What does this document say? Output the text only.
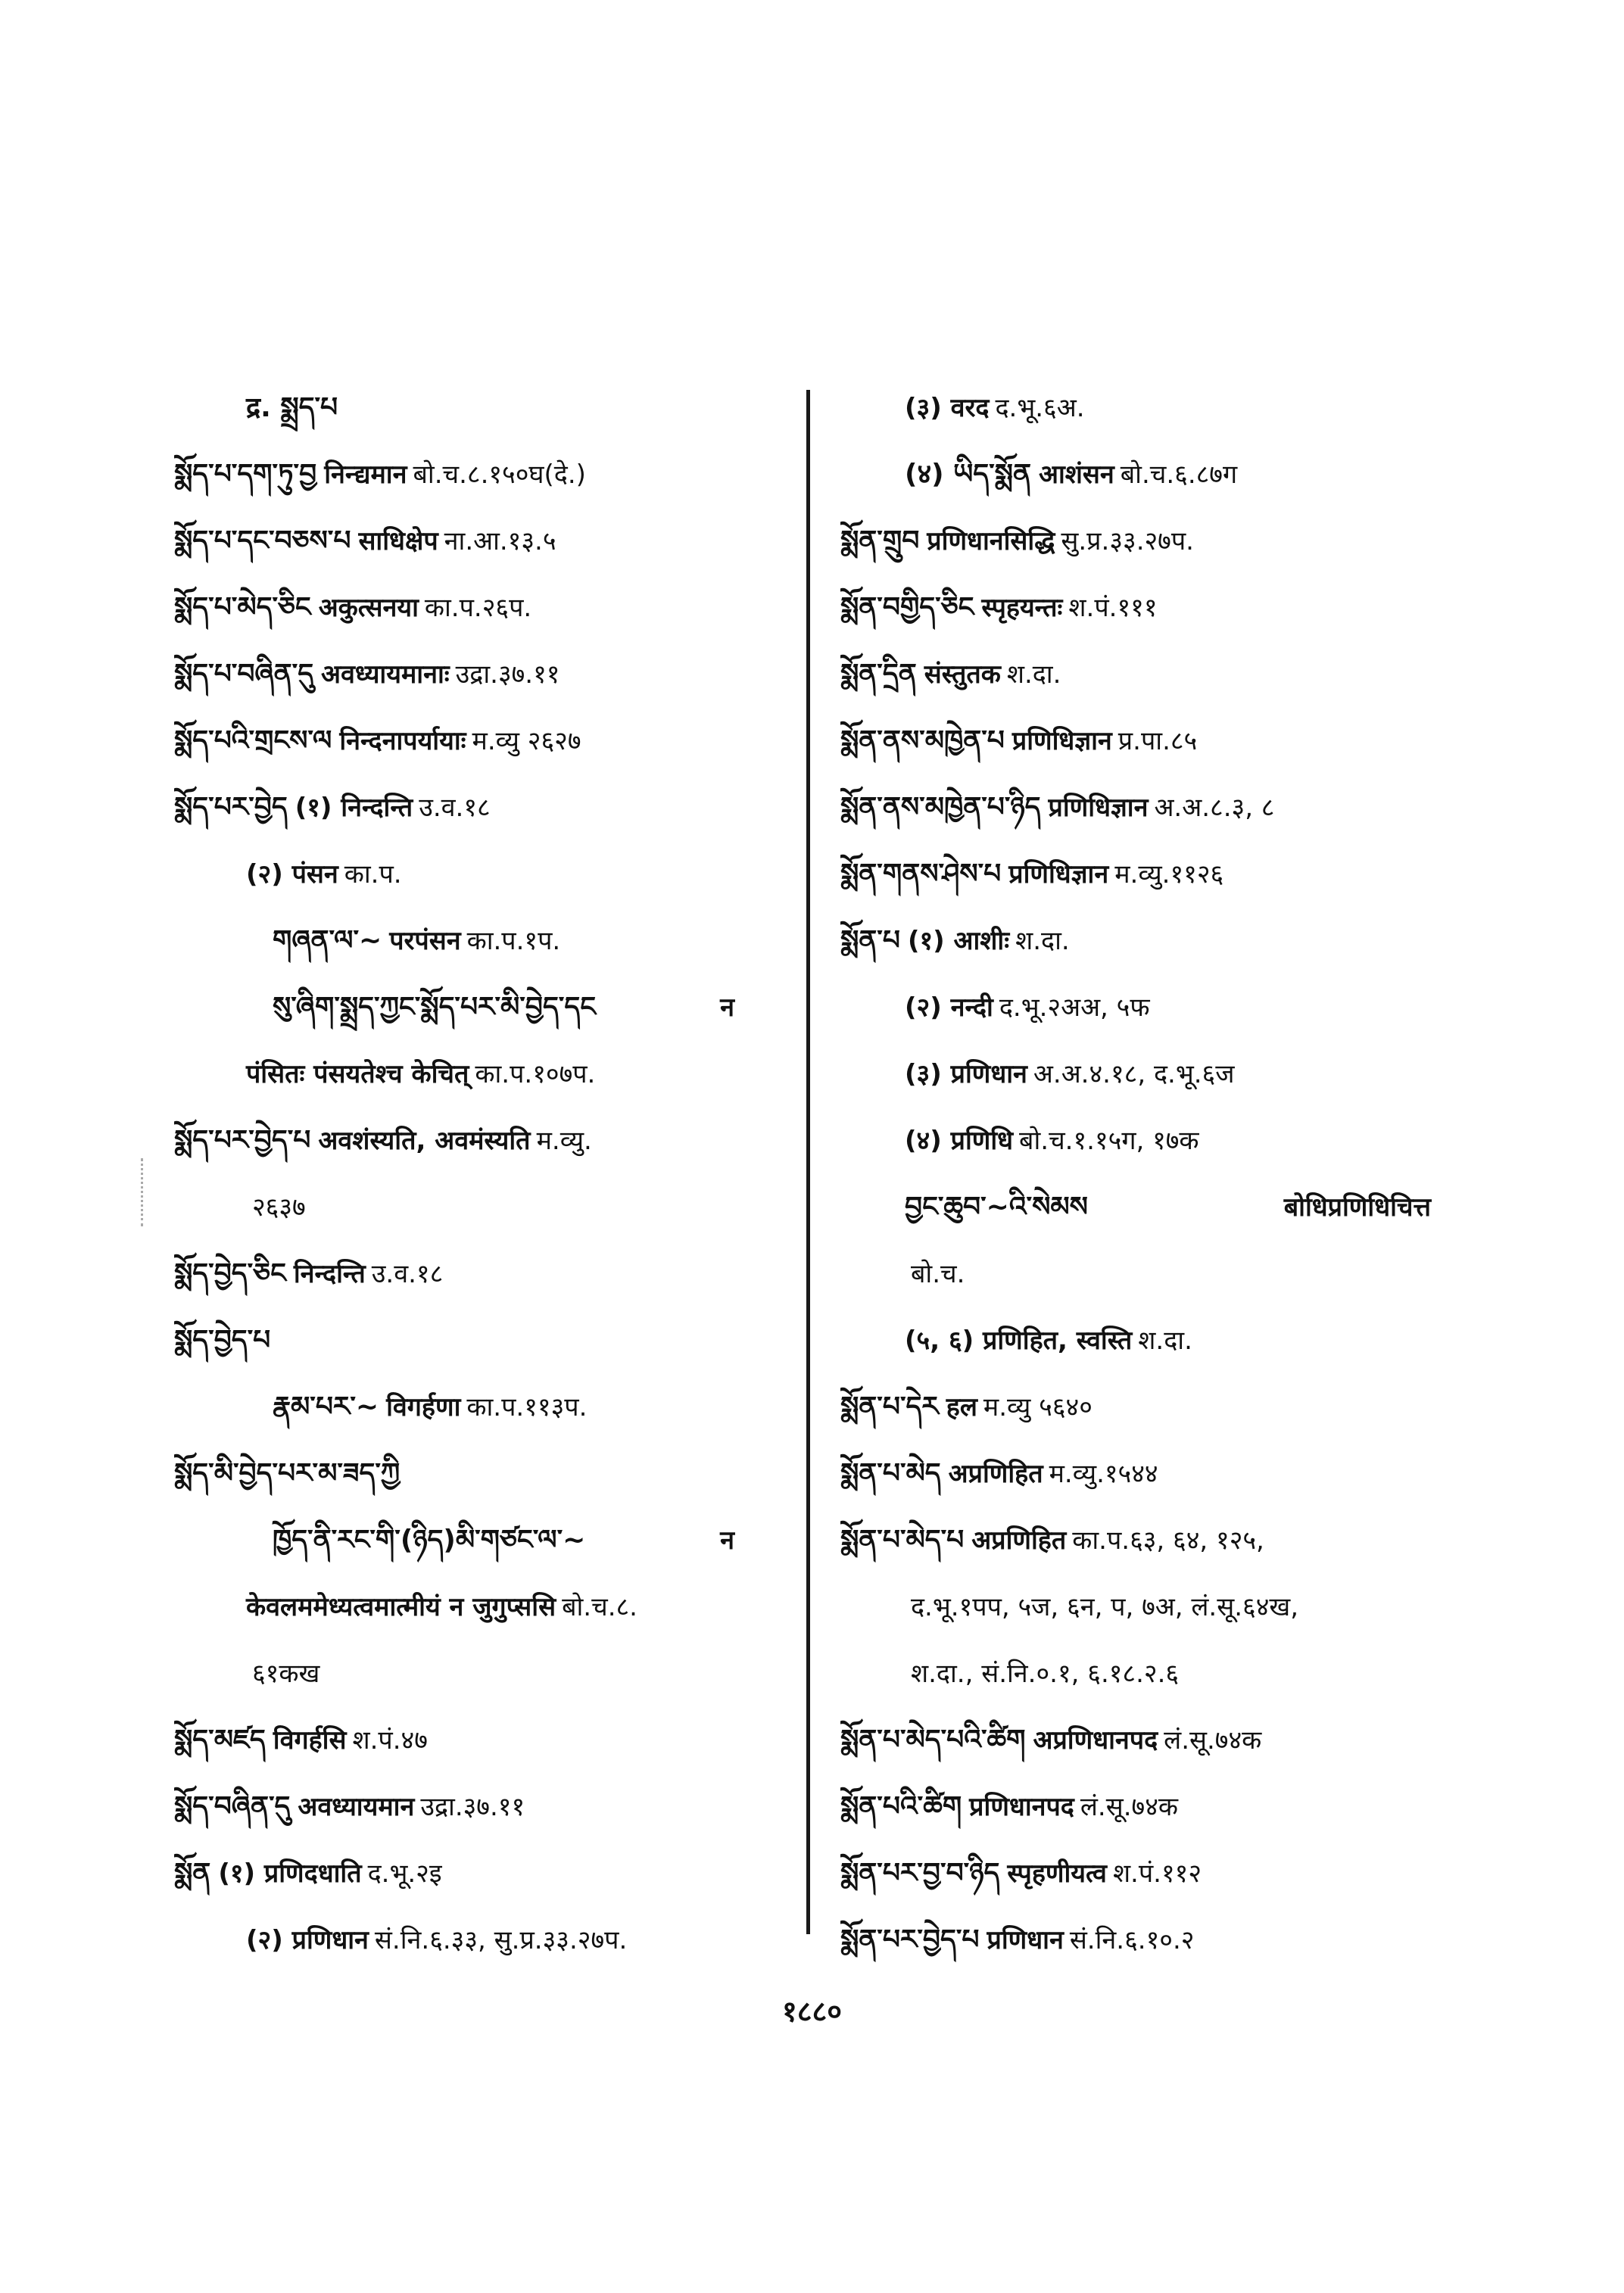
द्र. སྨྲད་པ
སྨོད་པ་དག་ཏུ་བྱ निन्द्यमान बो.च.८.१५०घ(दे.)
སྨོད་པ་དང་བཅས་པ साधिक्षेप ना.आ.१३.५
སྨོད་པ་མེད་ཅིང अकुत्सनया का.प.२६प.
སྨོད་པ་བཞིན་དུ अवध्यायमानाः उद्रा.३७.११
སྨོད་པའི་གྲངས་ལ निन्दनापर्यायाः म.व्यु २६२७
སྨོད་པར་བྱེད (१) निन्दन्ति उ.व.१८
(२) पंसन का.प.
གཞན་ལ་~ परपंसन का.प.१प.
སུ་ཞིག་སྨྲད་ཀྱང་སྨོད་པར་མི་བྱེད་དང	न
पंसितः पंसयतेश्च केचित् का.प.१०७प.
སྨོད་པར་བྱེད་པ अवशंस्यति, अवमंस्यति म.व्यु.
२६३७
སྨོད་བྱེད་ཅིང निन्दन्ति उ.व.१८
སྨོད་བྱེད་པ
རྣམ་པར་~ विगर्हणा का.प.११३प.
སྨོད་མི་བྱེད་པར་མ་ཟད་ཀྱི
ཁྱོད་ནི་རང་གི་(ཉིད)མི་གཙང་ལ་~	न
केवलममेध्यत्वमात्मीयं न जुगुप्ससि बो.च.८.
६१कख
སྨོད་མཛད विगर्हसि श.पं.४७
སྨོད་བཞིན་དུ अवध्यायमान उद्रा.३७.११
སྨོན (१) प्रणिदधाति द.भू.२इ
(२) प्रणिधान सं.नि.६.३३, सु.प्र.३३.२७प.
(३) वरद द.भू.६अ.
(४) ཡིད་སྨོན आशंसन बो.च.६.८७ग
སྨོན་གྲུབ प्रणिधानसिद्धि सु.प्र.३३.२७प.
སྨོན་བགྱིད་ཅིང स्पृहयन्तः श.पं.१११
སྨོན་དྲིན संस्तुतक श.दा.
སྨོན་ནས་མཁྱེན་པ प्रणिधिज्ञान प्र.पा.८५
སྨོན་ནས་མཁྱེན་པ་ཉིད प्रणिधिज्ञान अ.अ.८.३, ८
སྨོན་གནས་ཤེས་པ प्रणिधिज्ञान म.व्यु.११२६
སྨོན་པ (१) आशीः श.दा.
(२) नन्दी द.भू.२अअ, ५फ
(३) प्रणिधान अ.अ.४.१८, द.भू.६ज
(४) प्रणिधि बो.च.१.१५ग, १७क
བྱང་ཆུབ་~འི་སེམས	बोधिप्रणिधिचित्त
बो.च.
(५, ६) प्रणिहित, स्वस्ति श.दा.
སྨོན་པ་དེར हल म.व्यु ५६४०
སྨོན་པ་མེད अप्रणिहित म.व्यु.१५४४
སྨོན་པ་མེད་པ अप्रणिहित का.प.६३, ६४, १२५,
द.भू.१पप, ५ज, ६न, प, ७अ, लं.सू.६४ख,
श.दा., सं.नि.०.१, ६.१८.२.६
སྨོན་པ་མེད་པའི་ཚིག अप्रणिधानपद लं.सू.७४क
སྨོན་པའི་ཚིག प्रणिधानपद लं.सू.७४क
སྨོན་པར་བྱ་བ་ཉིད स्पृहणीयत्व श.पं.११२
སྨོན་པར་བྱེད་པ प्रणिधान सं.नि.६.१०.२
१८८०
